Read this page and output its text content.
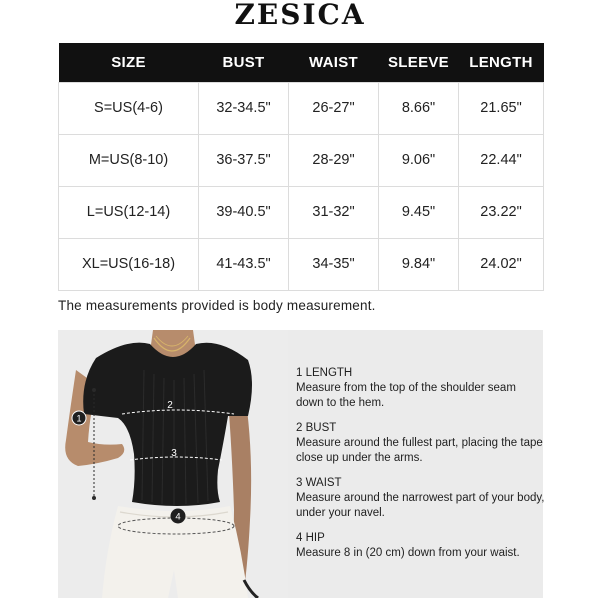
ZESICA
SIZE	BUST	WAIST	SLEEVE	LENGTH
S=US(4-6)	32-34.5"	26-27"	8.66"	21.65"
M=US(8-10)	36-37.5"	28-29"	9.06"	22.44"
L=US(12-14)	39-40.5"	31-32"	9.45"	23.22"
XL=US(16-18)	41-43.5"	34-35"	9.84"	24.02"
The measurements provided is body measurement.
1
2
3
4
1 LENGTH
Measure from the top of the shoulder seam down to the hem.
2 BUST
Measure around the fullest part, placing the tape close up under the arms.
3 WAIST
Measure around the narrowest part of your body, under your navel.
4 HIP
Measure 8 in (20 cm) down from your waist.
